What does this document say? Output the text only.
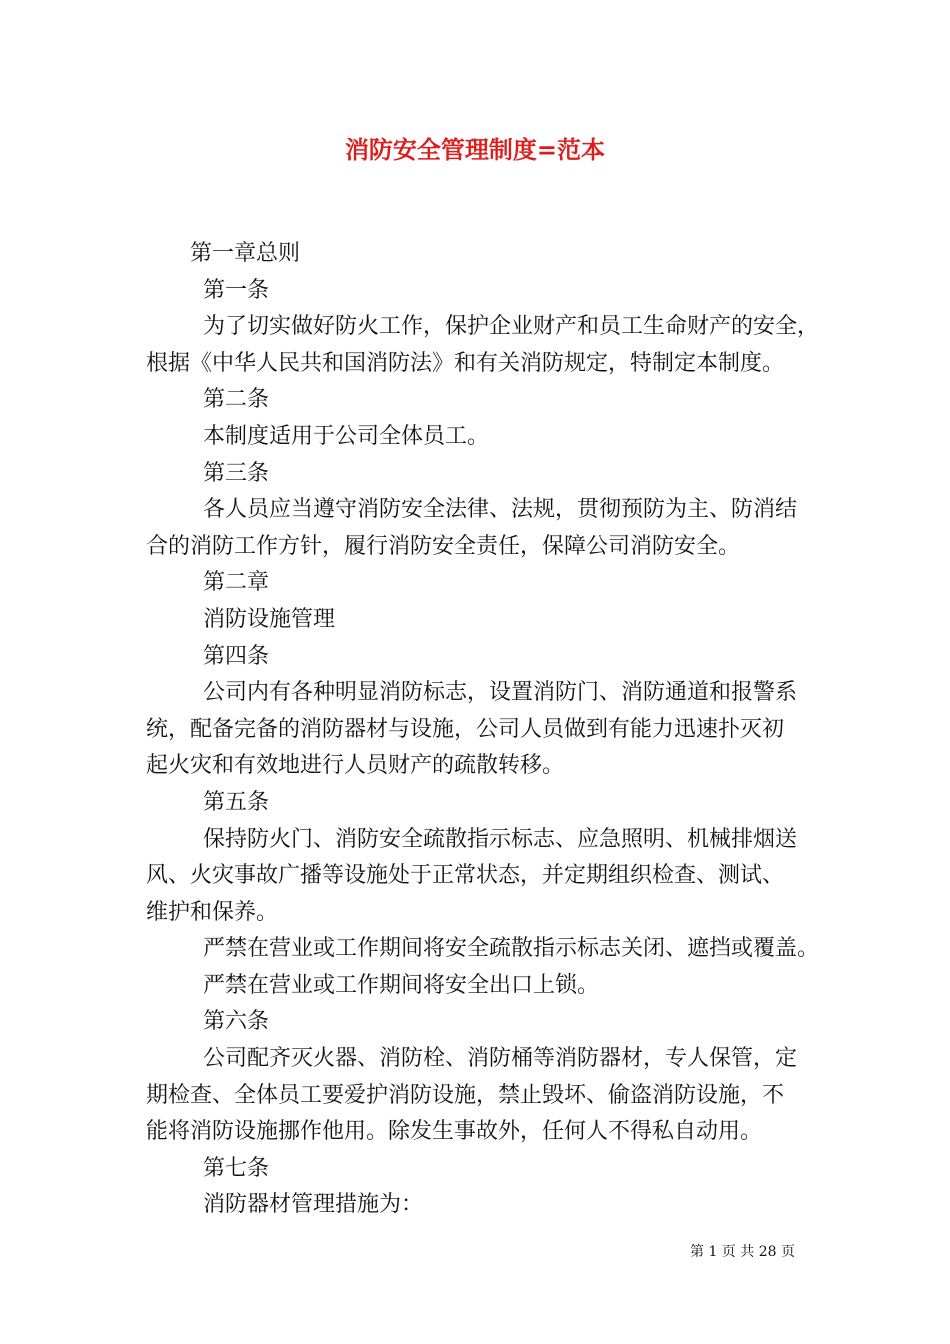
消防安全管理制度=范本
第一章总则
第一条
为了切实做好防火工作，保护企业财产和员工生命财产的安全，
根据《中华人民共和国消防法》和有关消防规定，特制定本制度。
第二条
本制度适用于公司全体员工。
第三条
各人员应当遵守消防安全法律、法规，贯彻预防为主、防消结
合的消防工作方针，履行消防安全责任，保障公司消防安全。
第二章
消防设施管理
第四条
公司内有各种明显消防标志，设置消防门、消防通道和报警系
统，配备完备的消防器材与设施，公司人员做到有能力迅速扑灭初
起火灾和有效地进行人员财产的疏散转移。
第五条
保持防火门、消防安全疏散指示标志、应急照明、机械排烟送
风、火灾事故广播等设施处于正常状态，并定期组织检查、测试、
维护和保养。
严禁在营业或工作期间将安全疏散指示标志关闭、遮挡或覆盖。
严禁在营业或工作期间将安全出口上锁。
第六条
公司配齐灭火器、消防栓、消防桶等消防器材，专人保管，定
期检查、全体员工要爱护消防设施，禁止毁坏、偷盗消防设施，不
能将消防设施挪作他用。除发生事故外，任何人不得私自动用。
第七条
消防器材管理措施为：
第 1 页 共 28 页
